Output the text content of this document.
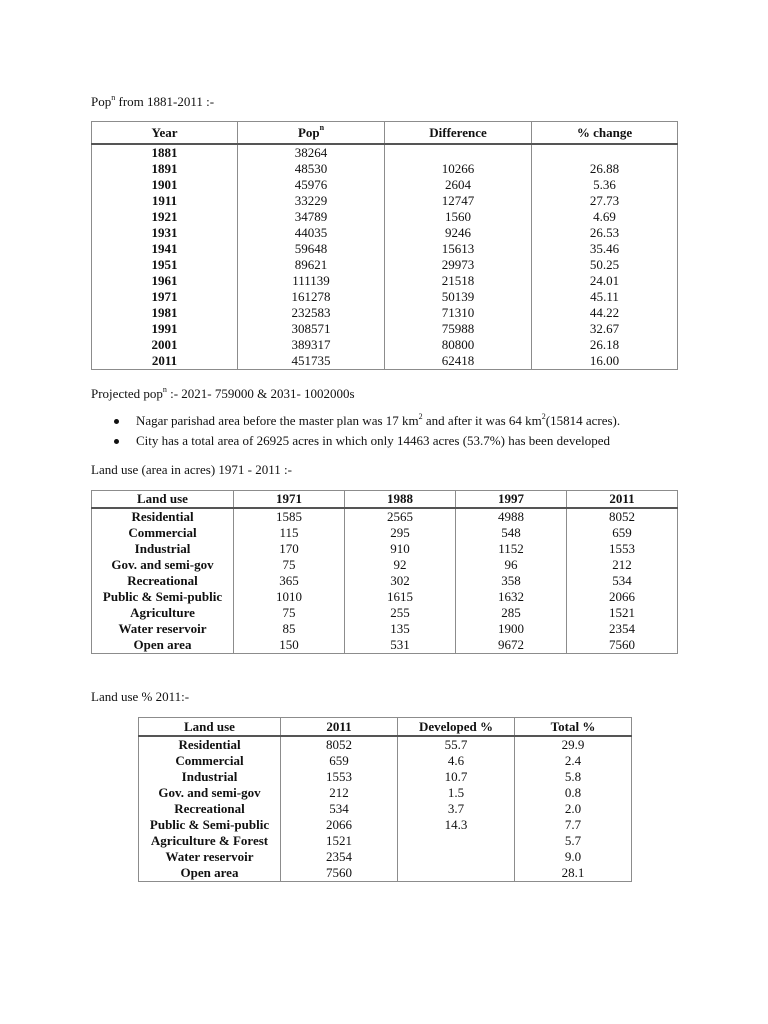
Pop$^n$ from 1881-2011 :-
Year	Pop$^n$	Difference	% change
1881	38264		
1891	48530	10266	26.88
1901	45976	2604	5.36
1911	33229	12747	27.73
1921	34789	1560	4.69
1931	44035	9246	26.53
1941	59648	15613	35.46
1951	89621	29973	50.25
1961	111139	21518	24.01
1971	161278	50139	45.11
1981	232583	71310	44.22
1991	308571	75988	32.67
2001	389317	80800	26.18
2011	451735	62418	16.00
Projected pop$^n$ :- 2021- 759000 & 2031- 1002000s
Nagar parishad area before the master plan was 17 $km^2$ and after it was 64 $km^2(15814$ acres).
City has a total area of 26925 acres in which only 14463 acres (53.7%) has been developed
Land use (area in acres) 1971 - 2011 :-
Land use	1971	1988	1997	2011
Residential	1585	2565	4988	8052
Commercial	115	295	548	659
Industrial	170	910	1152	1553
Gov. and semi-gov	75	92	96	212
Recreational	365	302	358	534
Public & Semi-public	1010	1615	1632	2066
Agriculture	75	255	285	1521
Water reservoir	85	135	1900	2354
Open area	150	531	9672	7560
Land use % 2011:-
Land use	2011	Developed %	Total %
Residential	8052	55.7	29.9
Commercial	659	4.6	2.4
Industrial	1553	10.7	5.8
Gov. and semi-gov	212	1.5	0.8
Recreational	534	3.7	2.0
Public & Semi-public	2066	14.3	7.7
Agriculture & Forest	1521		5.7
Water reservoir	2354		9.0
Open area	7560		28.1
